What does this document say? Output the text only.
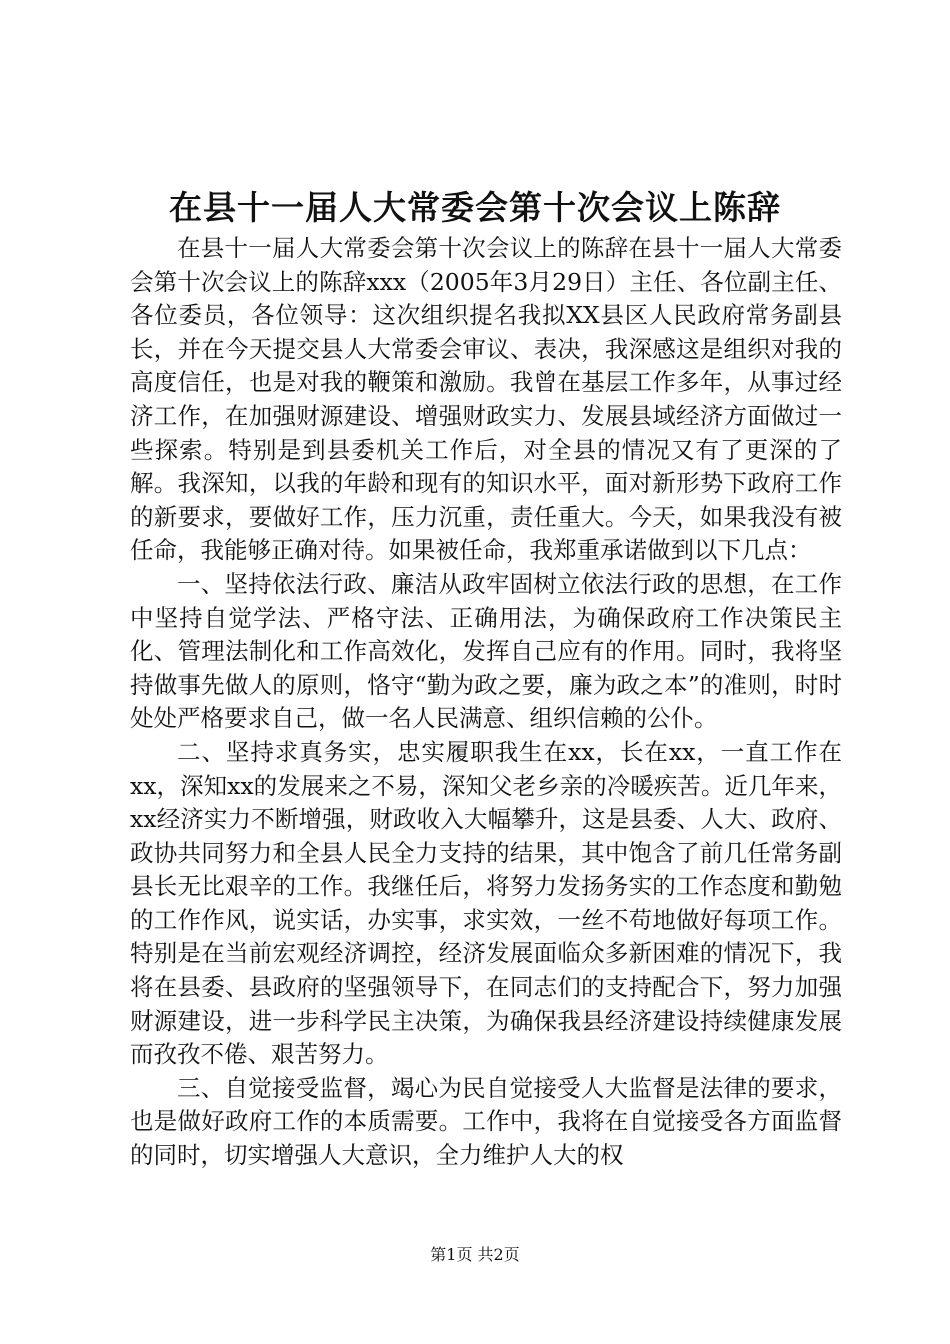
在县十一届人大常委会第十次会议上陈辞

在县十一届人大常委会第十次会议上的陈辞在县十一届人大常委会第十次会议上的陈辞xxx（2005年3月29日）主任、各位副主任、各位委员，各位领导：这次组织提名我拟XX县区人民政府常务副县长，并在今天提交县人大常委会审议、表决，我深感这是组织对我的高度信任，也是对我的鞭策和激励。我曾在基层工作多年，从事过经济工作，在加强财源建设、增强财政实力、发展县域经济方面做过一些探索。特别是到县委机关工作后，对全县的情况又有了更深的了解。我深知，以我的年龄和现有的知识水平，面对新形势下政府工作的新要求，要做好工作，压力沉重，责任重大。今天，如果我没有被任命，我能够正确对待。如果被任命，我郑重承诺做到以下几点：

一、坚持依法行政、廉洁从政牢固树立依法行政的思想，在工作中坚持自觉学法、严格守法、正确用法，为确保政府工作决策民主化、管理法制化和工作高效化，发挥自己应有的作用。同时，我将坚持做事先做人的原则，恪守“勤为政之要，廉为政之本”的准则，时时处处严格要求自己，做一名人民满意、组织信赖的公仆。

二、坚持求真务实，忠实履职我生在xx，长在xx，一直工作在xx，深知xx的发展来之不易，深知父老乡亲的冷暖疾苦。近几年来，xx经济实力不断增强，财政收入大幅攀升，这是县委、人大、政府、政协共同努力和全县人民全力支持的结果，其中饱含了前几任常务副县长无比艰辛的工作。我继任后，将努力发扬务实的工作态度和勤勉的工作作风，说实话，办实事，求实效，一丝不苟地做好每项工作。特别是在当前宏观经济调控，经济发展面临众多新困难的情况下，我将在县委、县政府的坚强领导下，在同志们的支持配合下，努力加强财源建设，进一步科学民主决策，为确保我县经济建设持续健康发展而孜孜不倦、艰苦努力。

三、自觉接受监督，竭心为民自觉接受人大监督是法律的要求，也是做好政府工作的本质需要。工作中，我将在自觉接受各方面监督的同时，切实增强人大意识，全力维护人大的权

第1页 共2页
